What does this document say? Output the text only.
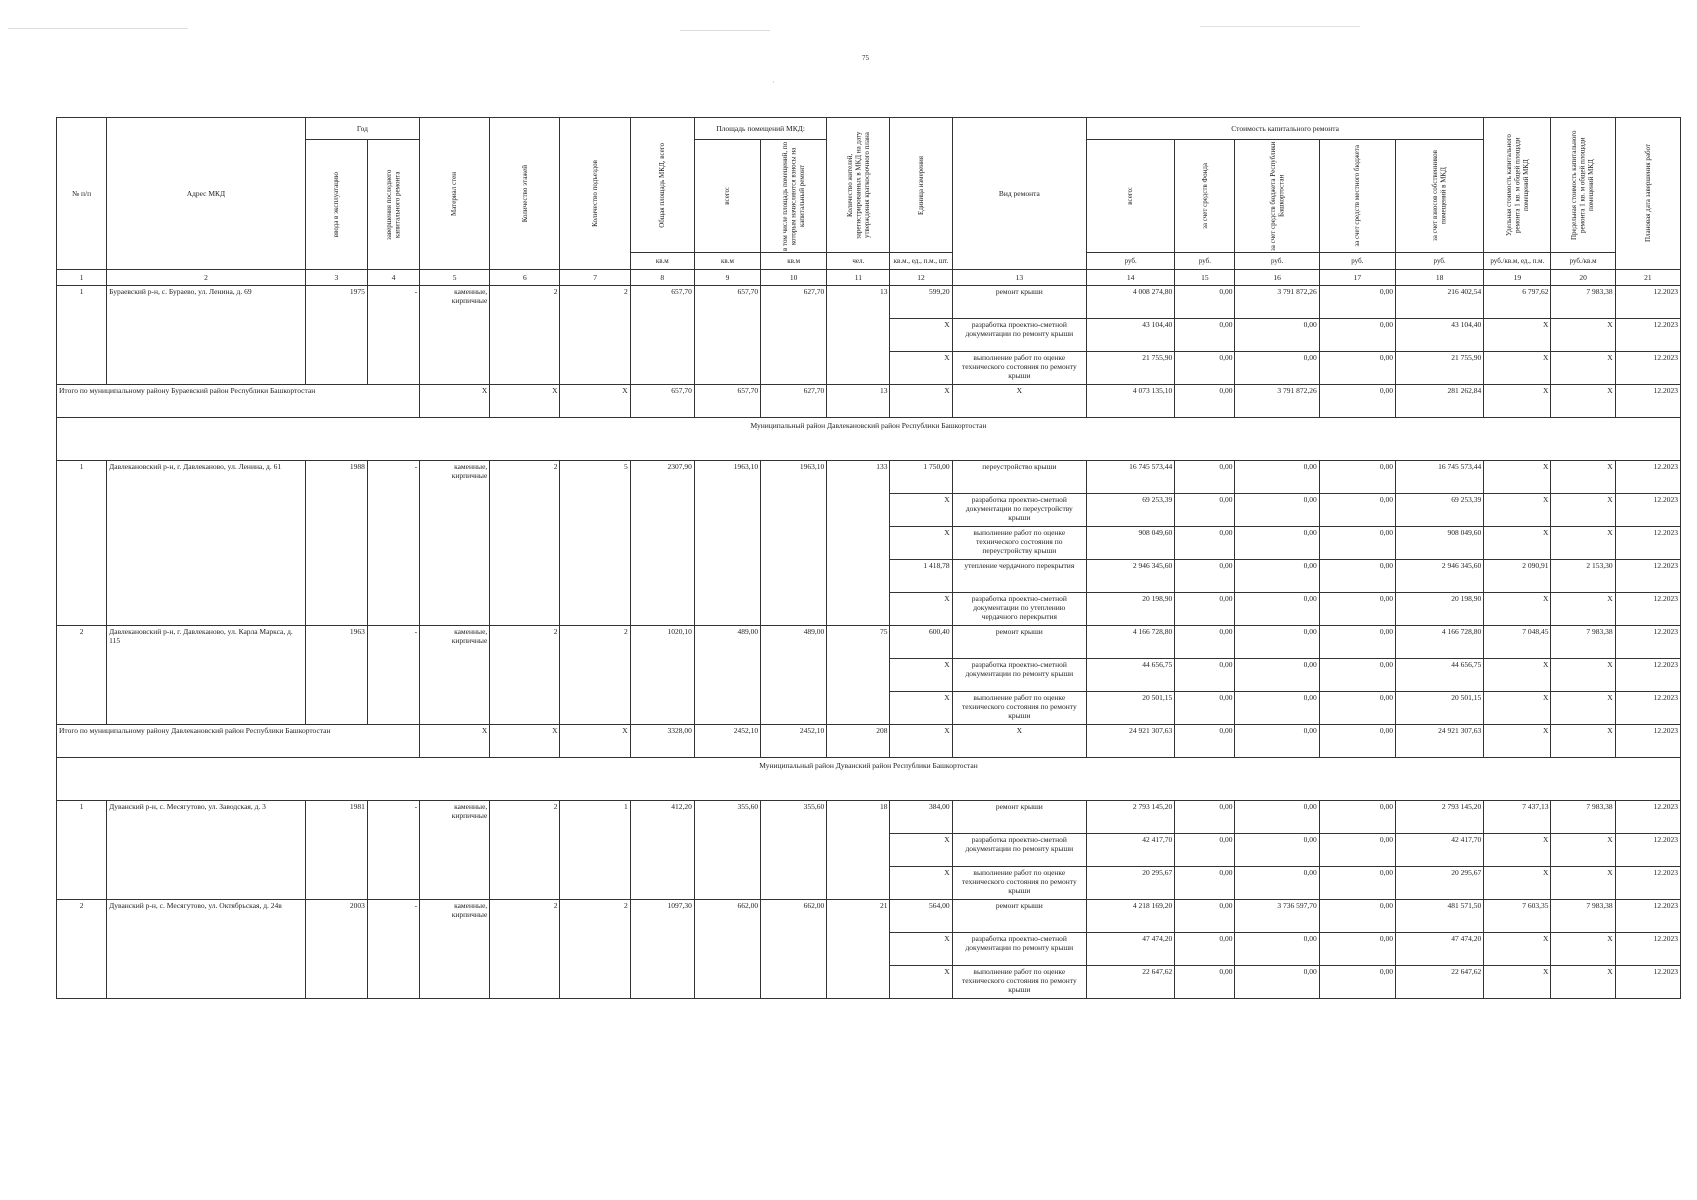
75
·
№ п/п	Адрес МКД	Год		Материал стен	Количество этажей	Количество подъездов	Общая площадь МКД, всего	Площадь помещений МКД:		Количество жителей, зарегистрированных в МКД на дату утверждения краткосрочного плана	Единица измерения	Вид ремонта	Стоимость капитального ремонта					Удельная стоимость капитального ремонта 1 кв. м общей площади помещений МКД	Предельная стоимость капитального ремонта 1 кв. м общей площади помещений МКД	Плановая дата завершения работ

		ввода в эксплуатацию	завершения последнего капитального ремонта					всего:	в том числе площадь помещений, по которым начисляются взносы на капитальный ремонт				всего:	за счет средств Фонда	за счет средств бюджета Республики Башкортостан	за счет средств местного бюджета	за счет взносов собственников помещений в МКД			

							кв.м	кв.м	кв.м	чел.	кв.м., ед., п.м., шт.		руб.	руб.	руб.	руб.	руб.	руб./кв.м, ед., п.м.	руб./кв.м	
1	2	3	4	5	6	7	8	9	10	11	12	13	14	15	16	17	18	19	20	21
1	Бураевский р-н, с. Бураево, ул. Ленина, д. 69	1975	-	каменные, кирпичные	2	2	657,70	657,70	627,70	13	599,20	ремонт крыши	4 008 274,80	0,00	3 791 872,26	0,00	216 402,54	6 797,62	7 983,38	12.2023
											X	разработка проектно-сметной документации по ремонту крыши	43 104,40	0,00	0,00	0,00	43 104,40	X	X	12.2023
											X	выполнение работ по оценке технического состояния по ремонту крыши	21 755,90	0,00	0,00	0,00	21 755,90	X	X	12.2023
Итого по муниципальному району Бураевский район Республики Башкортостан				X	X	X	657,70	657,70	627,70	13	X	X	4 073 135,10	0,00	3 791 872,26	0,00	281 262,84	X	X	12.2023
Муниципальный район Давлекановский район Республики Башкортостан																				
1	Давлекановский р-н, г. Давлеканово, ул. Ленина, д. 61	1988	-	каменные, кирпичные	2	5	2307,90	1963,10	1963,10	133	1 750,00	переустройство крыши	16 745 573,44	0,00	0,00	0,00	16 745 573,44	X	X	12.2023
											X	разработка проектно-сметной документации по переустройству крыши	69 253,39	0,00	0,00	0,00	69 253,39	X	X	12.2023
											X	выполнение работ по оценке технического состояния по переустройству крыши	908 049,60	0,00	0,00	0,00	908 049,60	X	X	12.2023
											1 418,78	утепление чердачного перекрытия	2 946 345,60	0,00	0,00	0,00	2 946 345,60	2 090,91	2 153,30	12.2023
											X	разработка проектно-сметной документации по утеплению чердачного перекрытия	20 198,90	0,00	0,00	0,00	20 198,90	X	X	12.2023
2	Давлекановский р-н, г. Давлеканово, ул. Карла Маркса, д. 115	1963	-	каменные, кирпичные	2	2	1020,10	489,00	489,00	75	600,40	ремонт крыши	4 166 728,80	0,00	0,00	0,00	4 166 728,80	7 048,45	7 983,38	12.2023
											X	разработка проектно-сметной документации по ремонту крыши	44 656,75	0,00	0,00	0,00	44 656,75	X	X	12.2023
											X	выполнение работ по оценке технического состояния по ремонту крыши	20 501,15	0,00	0,00	0,00	20 501,15	X	X	12.2023
Итого по муниципальному району Давлекановский район Республики Башкортостан				X	X	X	3328,00	2452,10	2452,10	208	X	X	24 921 307,63	0,00	0,00	0,00	24 921 307,63	X	X	12.2023
Муниципальный район Дуванский район Республики Башкортостан																				
1	Дуванский р-н, с. Месягутово, ул. Заводская, д. 3	1981	-	каменные, кирпичные	2	1	412,20	355,60	355,60	18	384,00	ремонт крыши	2 793 145,20	0,00	0,00	0,00	2 793 145,20	7 437,13	7 983,38	12.2023
											X	разработка проектно-сметной документации по ремонту крыши	42 417,70	0,00	0,00	0,00	42 417,70	X	X	12.2023
											X	выполнение работ по оценке технического состояния по ремонту крыши	20 295,67	0,00	0,00	0,00	20 295,67	X	X	12.2023
2	Дуванский р-н, с. Месягутово, ул. Октябрьская, д. 24в	2003	-	каменные, кирпичные	2	2	1097,30	662,00	662,00	21	564,00	ремонт крыши	4 218 169,20	0,00	3 736 597,70	0,00	481 571,50	7 603,35	7 983,38	12.2023
											X	разработка проектно-сметной документации по ремонту крыши	47 474,20	0,00	0,00	0,00	47 474,20	X	X	12.2023
											X	выполнение работ по оценке технического состояния по ремонту крыши	22 647,62	0,00	0,00	0,00	22 647,62	X	X	12.2023
